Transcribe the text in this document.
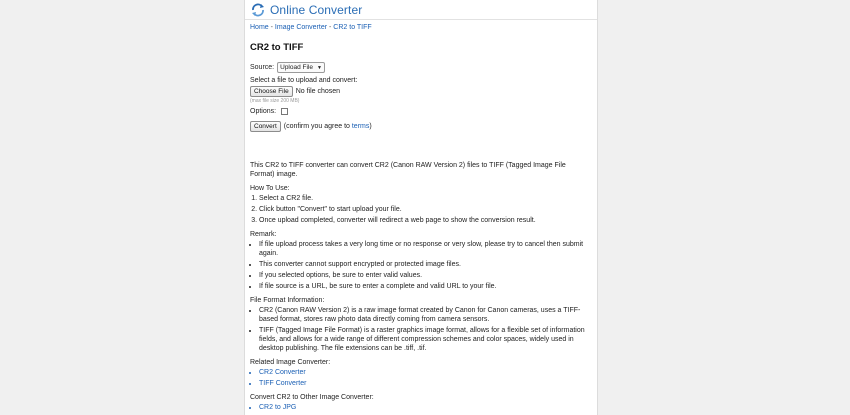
Online Converter
Home - Image Converter - CR2 to TIFF
CR2 to TIFF
Source: Upload File ▼
Select a file to upload and convert:
Choose File	No file chosen
(max file size 200 MB)
Options:
Convert	(confirm you agree to terms)

This CR2 to TIFF converter can convert CR2 (Canon RAW Version 2) files to TIFF (Tagged Image File Format) image.

How To Use:

1. Select a CR2 file.
2. Click button "Convert" to start upload your file.
3. Once upload completed, converter will redirect a web page to show the conversion result.

Remark:

• If file upload process takes a very long time or no response or very slow, please try to cancel then submit again.
• This converter cannot support encrypted or protected image files.
• If you selected options, be sure to enter valid values.
• If file source is a URL, be sure to enter a complete and valid URL to your file.

File Format Information:

• CR2 (Canon RAW Version 2) is a raw image format created by Canon for Canon cameras, uses a TIFF-based format, stores raw photo data directly coming from camera sensors.
• TIFF (Tagged Image File Format) is a raster graphics image format, allows for a flexible set of information fields, and allows for a wide range of different compression schemes and color spaces, widely used in desktop publishing. The file extensions can be .tiff, .tif.

Related Image Converter:

• CR2 Converter
• TIFF Converter

Convert CR2 to Other Image Converter:

• CR2 to JPG
